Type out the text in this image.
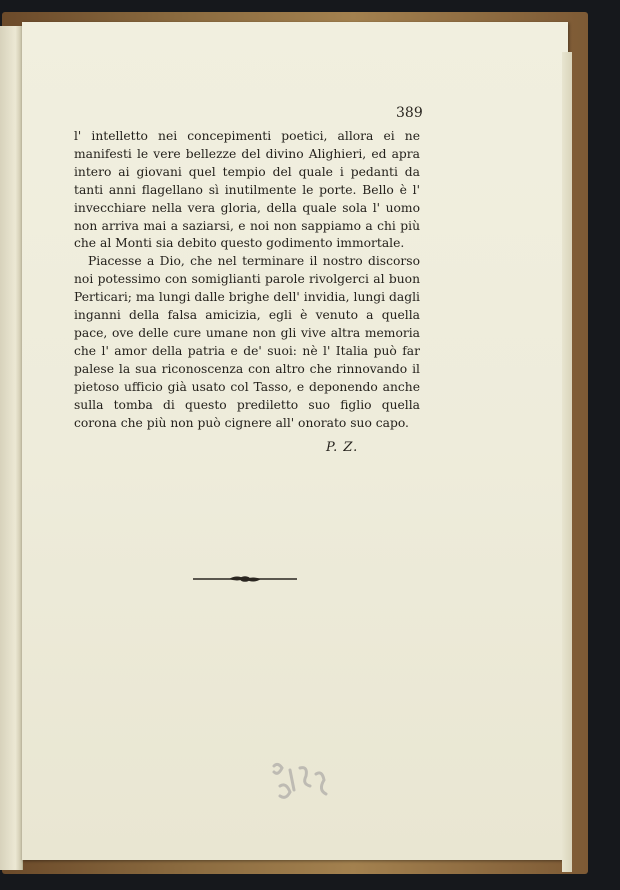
389

l' intelletto nei concepimenti poetici, allora ei ne manifesti le vere bellezze del divino Alighieri, ed apra intero ai giovani quel tempio del quale i pedanti da tanti anni flagellano sì inutilmente le porte. Bello è l' invecchiare nella vera gloria, della quale sola l' uomo non arriva mai a saziarsi, e noi non sappiamo a chi più che al Monti sia debito questo godimento immortale.

Piacesse a Dio, che nel terminare il nostro discorso noi potessimo con somiglianti parole rivolgerci al buon Perticari; ma lungi dalle brighe dell' invidia, lungi dagli inganni della falsa amicizia, egli è venuto a quella pace, ove delle cure umane non gli vive altra memoria che l' amor della patria e de' suoi: nè l' Italia può far palese la sua riconoscenza con altro che rinnovando il pietoso ufficio già usato col Tasso, e deponendo anche sulla tomba di questo prediletto suo figlio quella corona che più non può cignere all' onorato suo capo.

P. Z.
